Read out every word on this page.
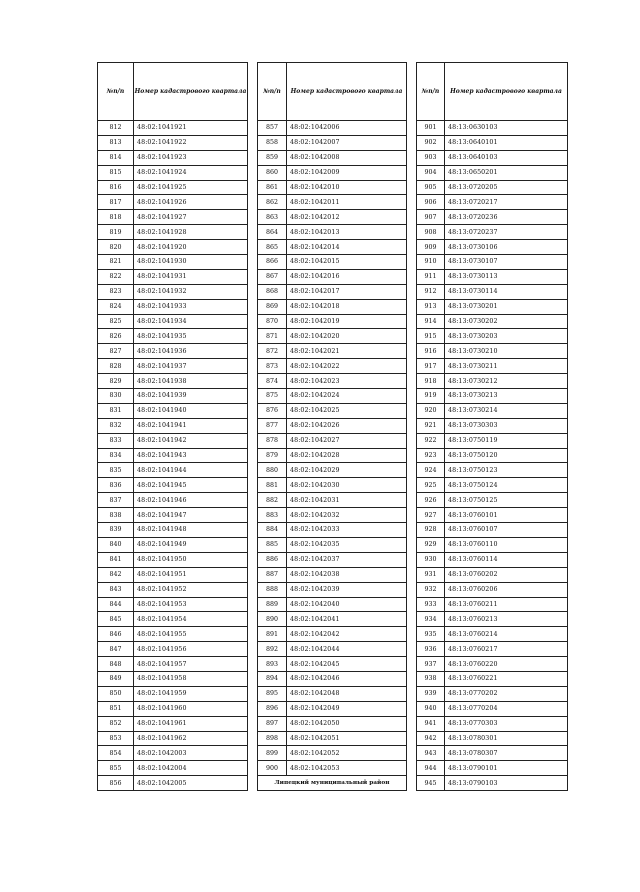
№п/п	Номер кадастрового квартала
812	48:02:1041921
813	48:02:1041922
814	48:02:1041923
815	48:02:1041924
816	48:02:1041925
817	48:02:1041926
818	48:02:1041927
819	48:02:1041928
820	48:02:1041920
821	48:02:1041930
822	48:02:1041931
823	48:02:1041932
824	48:02:1041933
825	48:02:1041934
826	48:02:1041935
827	48:02:1041936
828	48:02:1041937
829	48:02:1041938
830	48:02:1041939
831	48:02:1041940
832	48:02:1041941
833	48:02:1041942
834	48:02:1041943
835	48:02:1041944
836	48:02:1041945
837	48:02:1041946
838	48:02:1041947
839	48:02:1041948
840	48:02:1041949
841	48:02:1041950
842	48:02:1041951
843	48:02:1041952
844	48:02:1041953
845	48:02:1041954
846	48:02:1041955
847	48:02:1041956
848	48:02:1041957
849	48:02:1041958
850	48:02:1041959
851	48:02:1041960
852	48:02:1041961
853	48:02:1041962
854	48:02:1042003
855	48:02:1042004
856	48:02:1042005
№п/п	Номер кадастрового квартала
857	48:02:1042006
858	48:02:1042007
859	48:02:1042008
860	48:02:1042009
861	48:02:1042010
862	48:02:1042011
863	48:02:1042012
864	48:02:1042013
865	48:02:1042014
866	48:02:1042015
867	48:02:1042016
868	48:02:1042017
869	48:02:1042018
870	48:02:1042019
871	48:02:1042020
872	48:02:1042021
873	48:02:1042022
874	48:02:1042023
875	48:02:1042024
876	48:02:1042025
877	48:02:1042026
878	48:02:1042027
879	48:02:1042028
880	48:02:1042029
881	48:02:1042030
882	48:02:1042031
883	48:02:1042032
884	48:02:1042033
885	48:02:1042035
886	48:02:1042037
887	48:02:1042038
888	48:02:1042039
889	48:02:1042040
890	48:02:1042041
891	48:02:1042042
892	48:02:1042044
893	48:02:1042045
894	48:02:1042046
895	48:02:1042048
896	48:02:1042049
897	48:02:1042050
898	48:02:1042051
899	48:02:1042052
900	48:02:1042053
Липецкий муниципальный район	
№п/п	Номер кадастрового квартала
901	48:13:0630103
902	48:13:0640101
903	48:13:0640103
904	48:13:0650201
905	48:13:0720205
906	48:13:0720217
907	48:13:0720236
908	48:13:0720237
909	48:13:0730106
910	48:13:0730107
911	48:13:0730113
912	48:13:0730114
913	48:13:0730201
914	48:13:0730202
915	48:13:0730203
916	48:13:0730210
917	48:13:0730211
918	48:13:0730212
919	48:13:0730213
920	48:13:0730214
921	48:13:0730303
922	48:13:0750119
923	48:13:0750120
924	48:13:0750123
925	48:13:0750124
926	48:13:0750125
927	48:13:0760101
928	48:13:0760107
929	48:13:0760110
930	48:13:0760114
931	48:13:0760202
932	48:13:0760206
933	48:13:0760211
934	48:13:0760213
935	48:13:0760214
936	48:13:0760217
937	48:13:0760220
938	48:13:0760221
939	48:13:0770202
940	48:13:0770204
941	48:13:0770303
942	48:13:0780301
943	48:13:0780307
944	48:13:0790101
945	48:13:0790103
